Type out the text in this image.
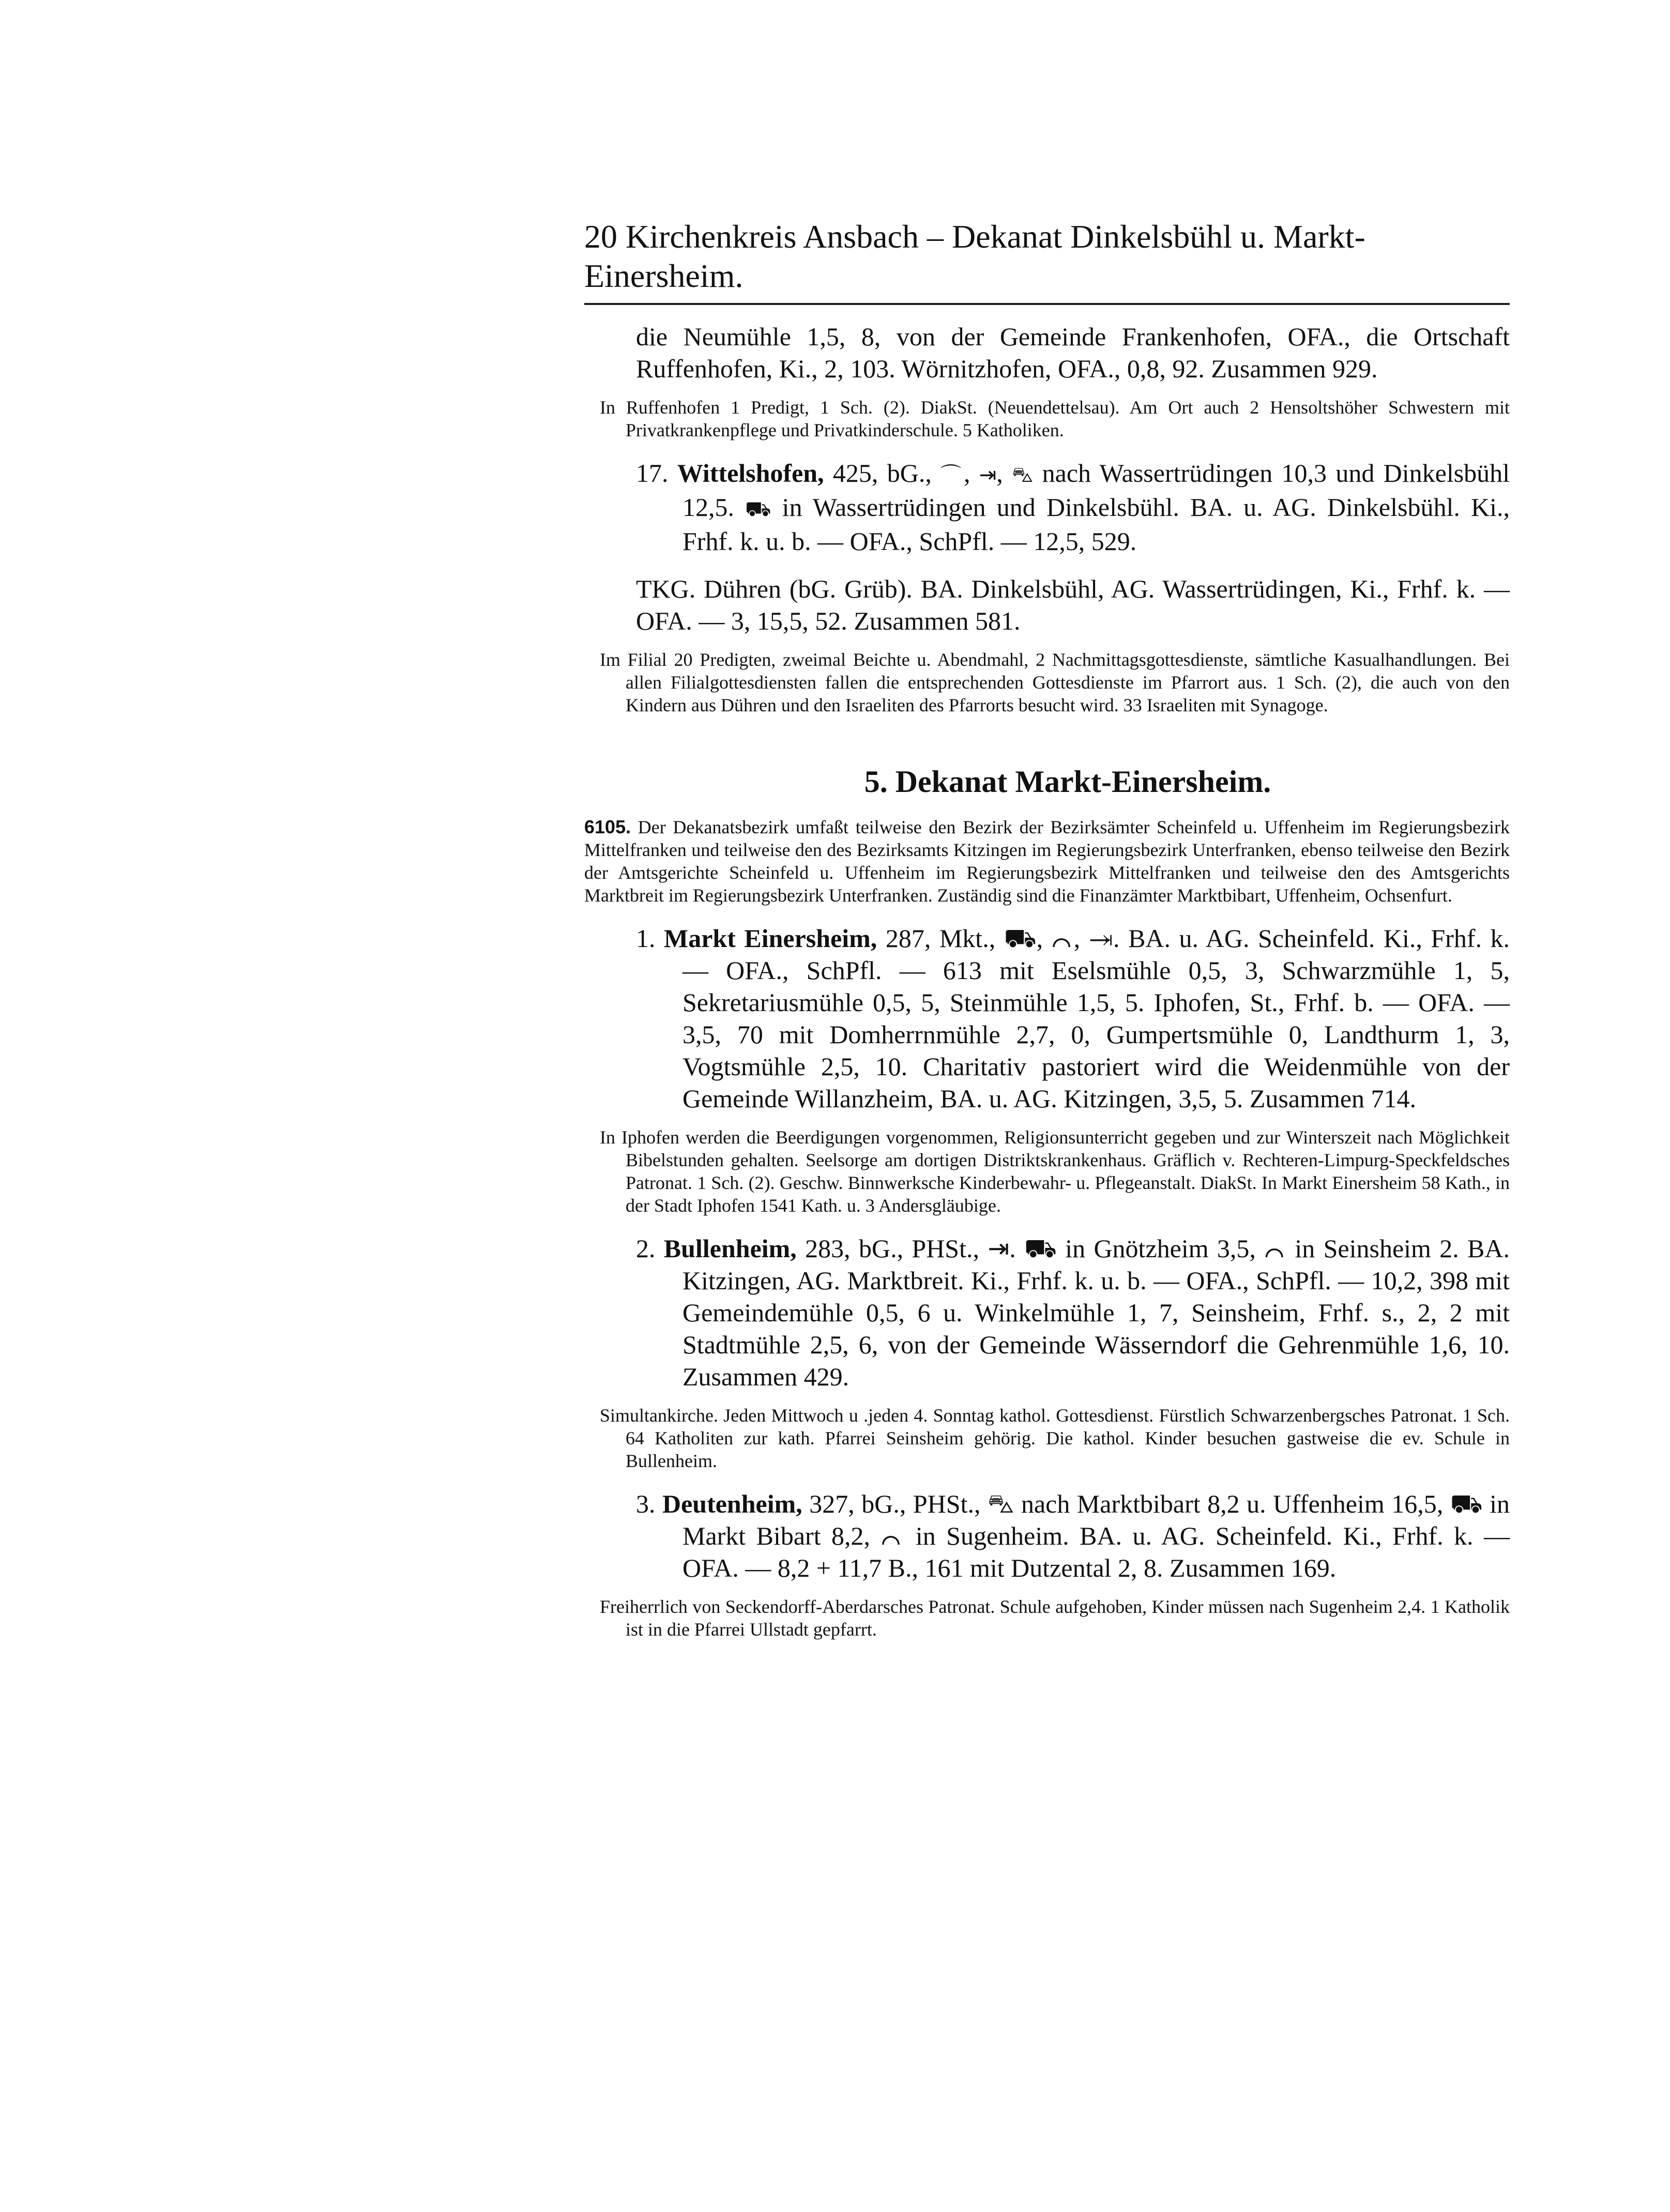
20 Kirchenkreis Ansbach – Dekanat Dinkelsbühl u. Markt-Einersheim.
die Neumühle 1,5, 8, von der Gemeinde Frankenhofen, OFA., die Ortschaft Ruffenhofen, Ki., 2, 103. Wörnitzhofen, OFA., 0,8, 92. Zusammen 929.
In Ruffenhofen 1 Predigt, 1 Sch. (2). DiakSt. (Neuendettelsau). Am Ort auch 2 Hensoltshöher Schwestern mit Privatkrankenpflege und Privatkinderschule. 5 Katholiken.
17. Wittelshofen, 425, bG., ⌒, ⇥, ⛍ nach Wassertrüdingen 10,3 und Dinkelsbühl 12,5. ⛟ in Wassertrüdingen und Dinkelsbühl. BA. u. AG. Dinkelsbühl. Ki., Frhf. k. u. b. — OFA., SchPfl. — 12,5, 529.
TKG. Dühren (bG. Grüb). BA. Dinkelsbühl, AG. Wassertrüdingen, Ki., Frhf. k. — OFA. — 3, 15,5, 52. Zusammen 581.
Im Filial 20 Predigten, zweimal Beichte u. Abendmahl, 2 Nachmittagsgottesdienste, sämtliche Kasualhandlungen. Bei allen Filialgottesdiensten fallen die entsprechenden Gottesdienste im Pfarrort aus. 1 Sch. (2), die auch von den Kindern aus Dühren und den Israeliten des Pfarrorts besucht wird. 33 Israeliten mit Synagoge.
5. Dekanat Markt-Einersheim.
6105. Der Dekanatsbezirk umfaßt teilweise den Bezirk der Bezirksämter Scheinfeld u. Uffenheim im Regierungsbezirk Mittelfranken und teilweise den des Bezirksamts Kitzingen im Regierungsbezirk Unterfranken, ebenso teilweise den Bezirk der Amtsgerichte Scheinfeld u. Uffenheim im Regierungsbezirk Mittelfranken und teilweise den des Amtsgerichts Marktbreit im Regierungsbezirk Unterfranken. Zuständig sind die Finanzämter Marktbibart, Uffenheim, Ochsenfurt.
1. Markt Einersheim, 287, Mkt., ⛟, ⌒, ⇥. BA. u. AG. Scheinfeld. Ki., Frhf. k. — OFA., SchPfl. — 613 mit Eselsmühle 0,5, 3, Schwarzmühle 1, 5, Sekretariusmühle 0,5, 5, Steinmühle 1,5, 5. Iphofen, St., Frhf. b. — OFA. — 3,5, 70 mit Domherrnmühle 2,7, 0, Gumpertsmühle 0, Landthurm 1, 3, Vogtsmühle 2,5, 10. Charitativ pastoriert wird die Weidenmühle von der Gemeinde Willanzheim, BA. u. AG. Kitzingen, 3,5, 5. Zusammen 714.
In Iphofen werden die Beerdigungen vorgenommen, Religionsunterricht gegeben und zur Winterszeit nach Möglichkeit Bibelstunden gehalten. Seelsorge am dortigen Distriktskrankenhaus. Gräflich v. Rechteren-Limpurg-Speckfeldsches Patronat. 1 Sch. (2). Geschw. Binnwerksche Kinderbewahr- u. Pflegeanstalt. DiakSt. In Markt Einersheim 58 Kath., in der Stadt Iphofen 1541 Kath. u. 3 Andersgläubige.
2. Bullenheim, 283, bG., PHSt., ⇥. ⛟ in Gnötzheim 3,5, ⌒ in Seinsheim 2. BA. Kitzingen, AG. Marktbreit. Ki., Frhf. k. u. b. — OFA., SchPfl. — 10,2, 398 mit Gemeindemühle 0,5, 6 u. Winkelmühle 1, 7, Seinsheim, Frhf. s., 2, 2 mit Stadtmühle 2,5, 6, von der Gemeinde Wässerndorf die Gehrenmühle 1,6, 10. Zusammen 429.
Simultankirche. Jeden Mittwoch u .jeden 4. Sonntag kathol. Gottesdienst. Fürstlich Schwarzenbergsches Patronat. 1 Sch. 64 Katholiten zur kath. Pfarrei Seinsheim gehörig. Die kathol. Kinder besuchen gastweise die ev. Schule in Bullenheim.
3. Deutenheim, 327, bG., PHSt., ⛍ nach Marktbibart 8,2 u. Uffenheim 16,5, ⛟ in Markt Bibart 8,2, ⌒ in Sugenheim. BA. u. AG. Scheinfeld. Ki., Frhf. k. — OFA. — 8,2 + 11,7 B., 161 mit Dutzental 2, 8. Zusammen 169.
Freiherrlich von Seckendorff-Aberdarsches Patronat. Schule aufgehoben, Kinder müssen nach Sugenheim 2,4. 1 Katholik ist in die Pfarrei Ullstadt gepfarrt.
